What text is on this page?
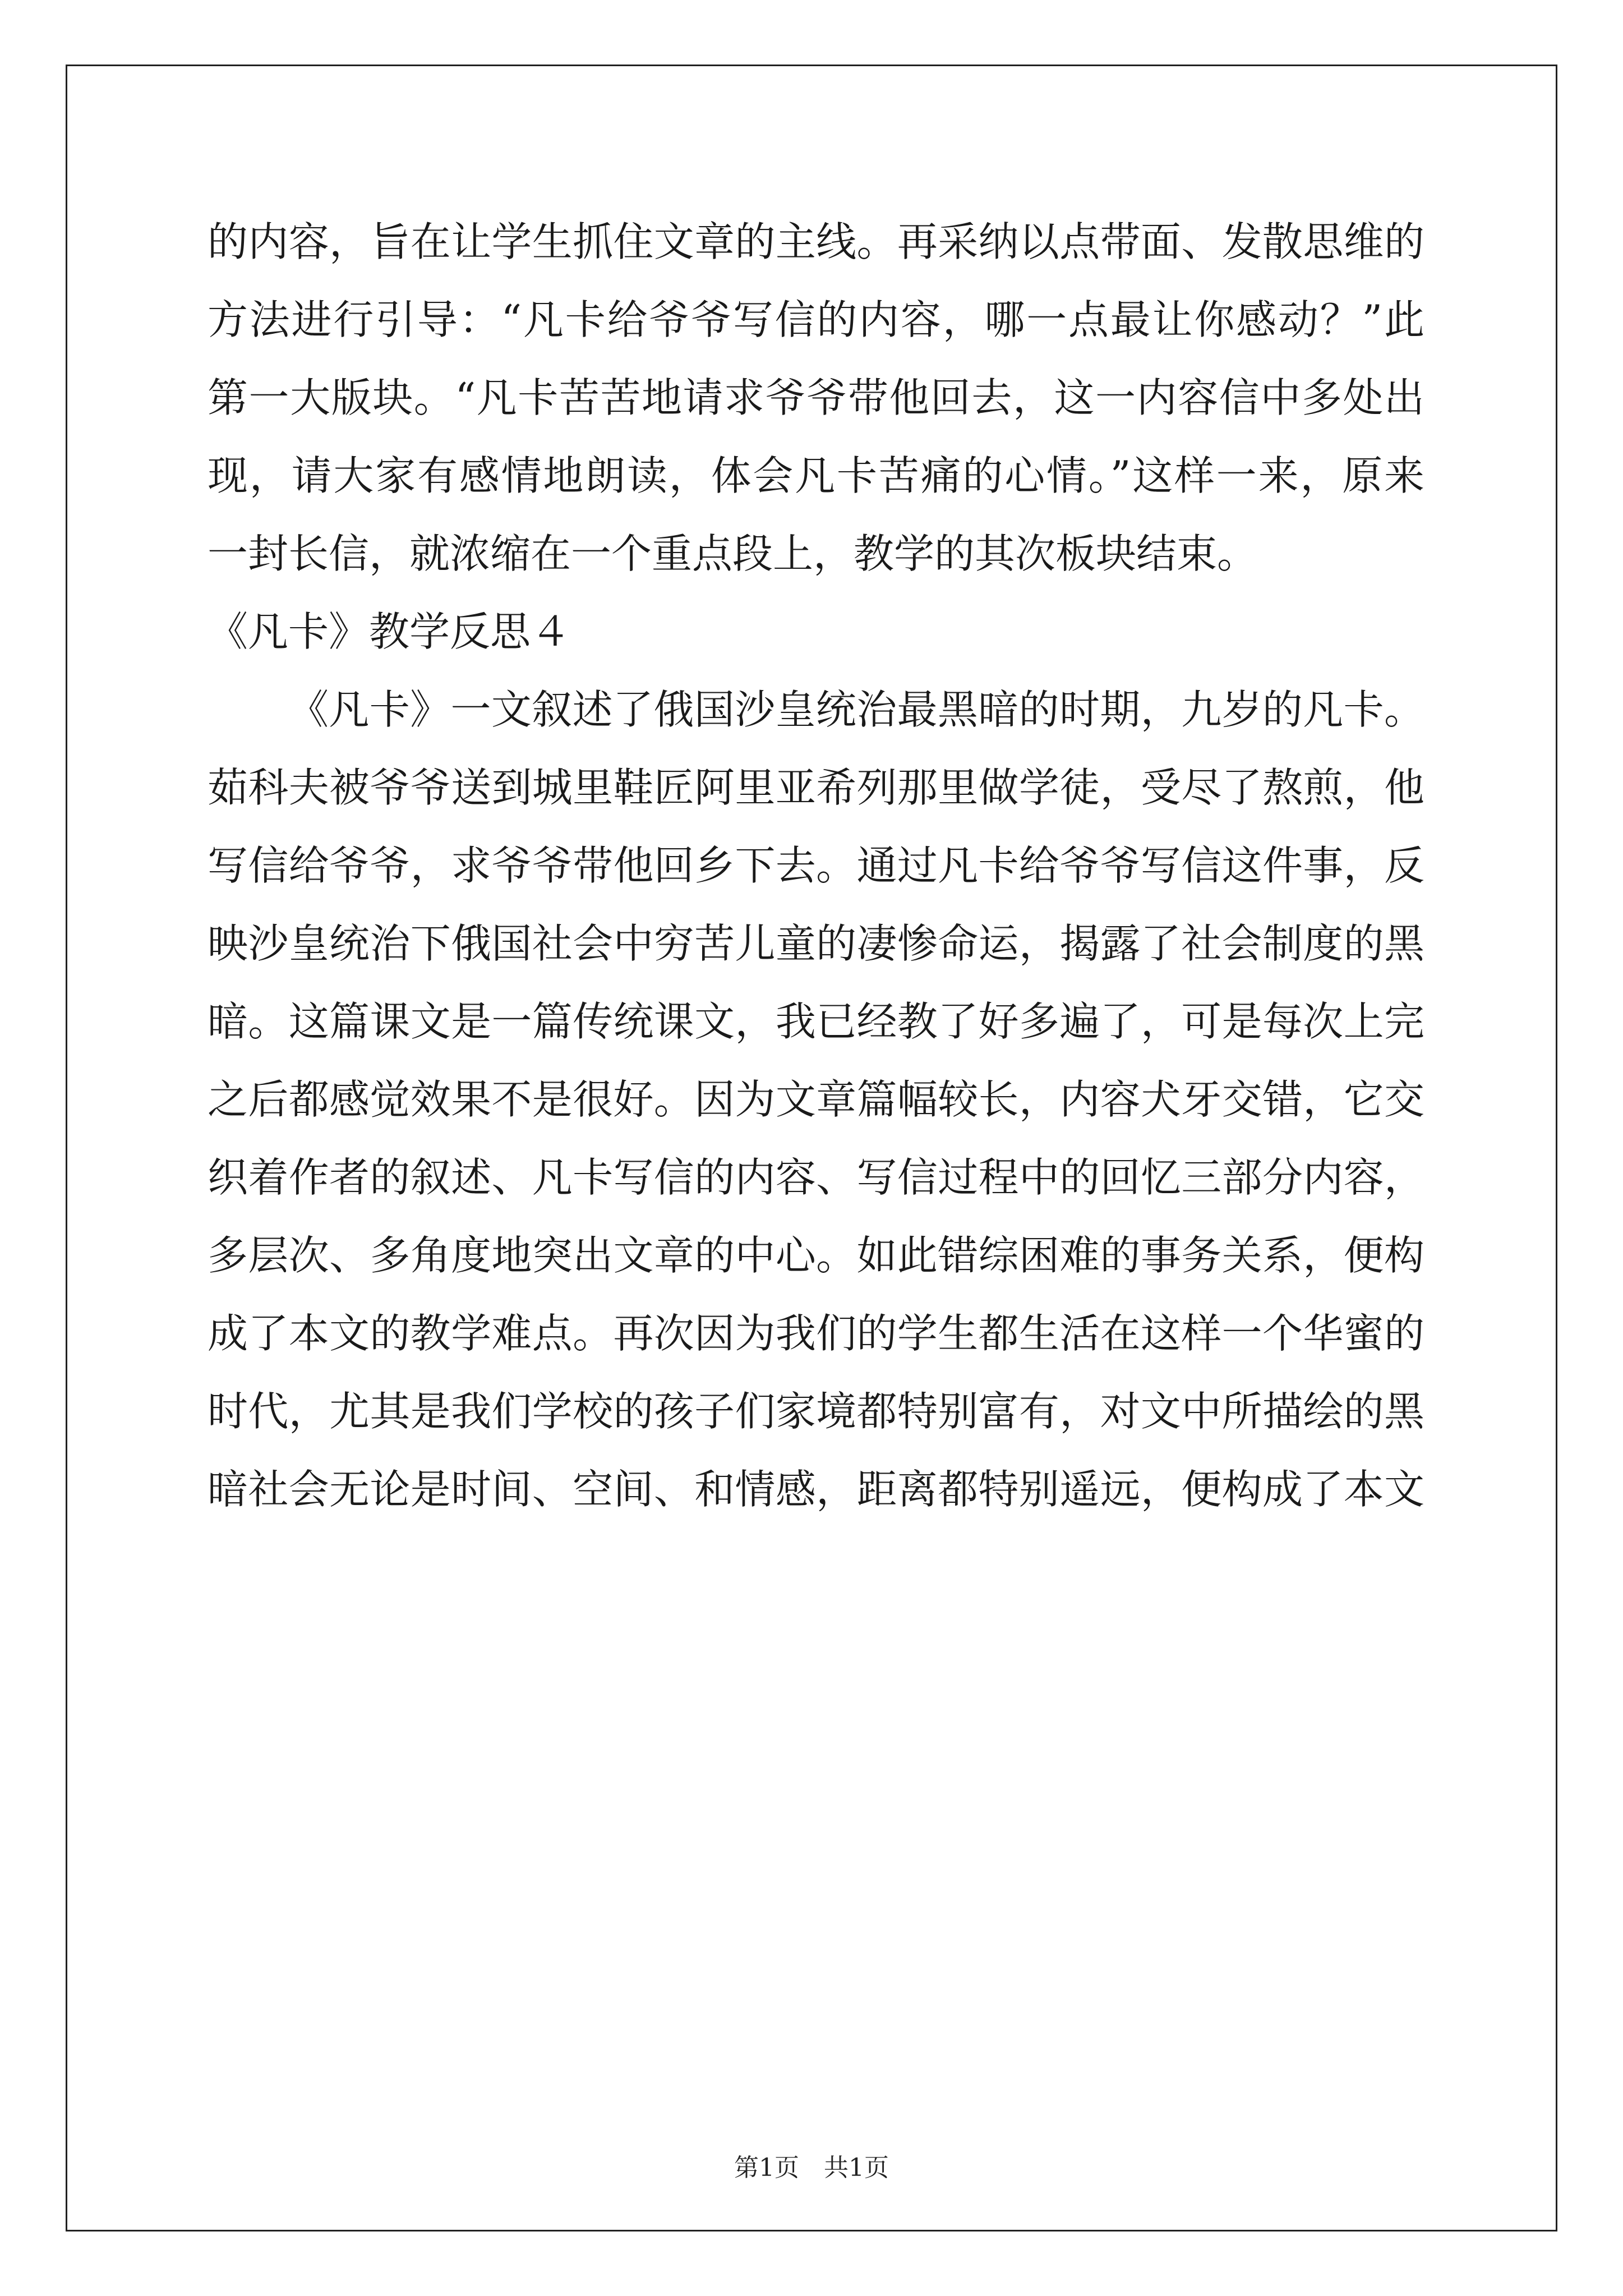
的内容，旨在让学生抓住文章的主线。再采纳以点带面、发散思维的
方法进行引导：“凡卡给爷爷写信的内容，哪一点最让你感动？”此
第一大版块。“凡卡苦苦地请求爷爷带他回去，这一内容信中多处出
现，请大家有感情地朗读，体会凡卡苦痛的心情。”这样一来，原来
一封长信，就浓缩在一个重点段上，教学的其次板块结束。
《凡卡》教学反思４
《凡卡》一文叙述了俄国沙皇统治最黑暗的时期，九岁的凡卡。
茹科夫被爷爷送到城里鞋匠阿里亚希列那里做学徒，受尽了熬煎，他
写信给爷爷，求爷爷带他回乡下去。通过凡卡给爷爷写信这件事，反
映沙皇统治下俄国社会中穷苦儿童的凄惨命运，揭露了社会制度的黑
暗。这篇课文是一篇传统课文，我已经教了好多遍了，可是每次上完
之后都感觉效果不是很好。因为文章篇幅较长，内容犬牙交错，它交
织着作者的叙述、凡卡写信的内容、写信过程中的回忆三部分内容，
多层次、多角度地突出文章的中心。如此错综困难的事务关系，便构
成了本文的教学难点。再次因为我们的学生都生活在这样一个华蜜的
时代，尤其是我们学校的孩子们家境都特别富有，对文中所描绘的黑
暗社会无论是时间、空间、和情感，距离都特别遥远，便构成了本文
第1页　共1页
